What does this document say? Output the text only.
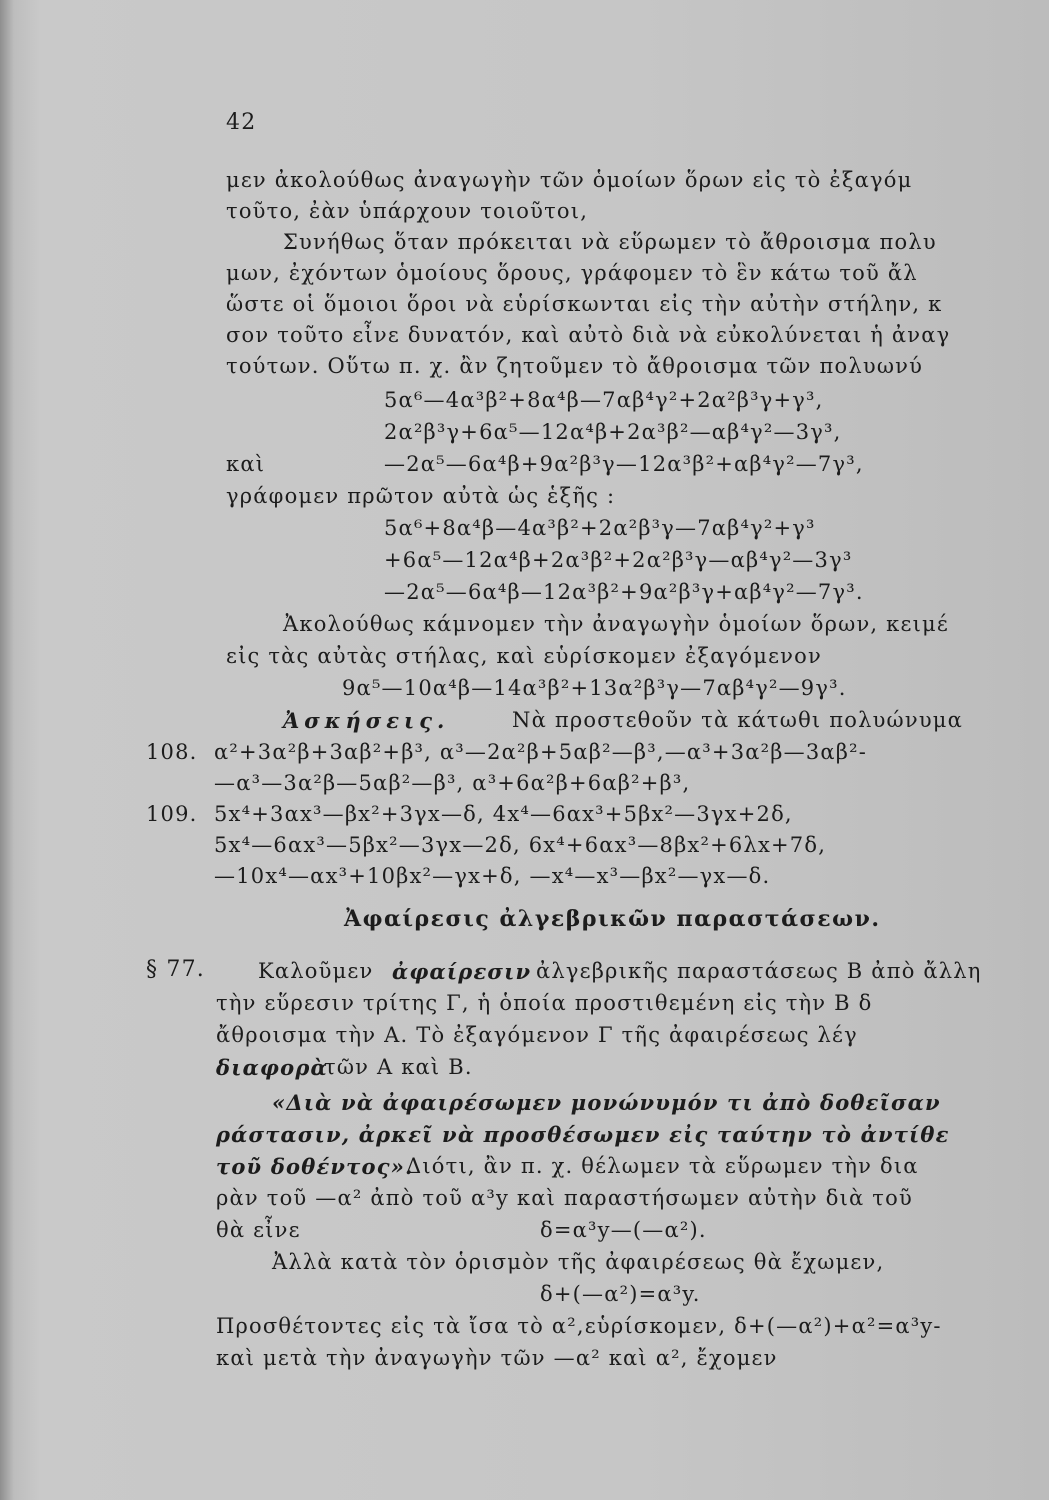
42
μεν ἀκολούθως ἀναγωγὴν τῶν ὁμοίων ὅρων εἰς τὸ ἐξαγόμ
τοῦτο, ἐὰν ὑπάρχουν τοιοῦτοι,
Συνήθως ὅταν πρόκειται νὰ εὕρωμεν τὸ ἄθροισμα πολυ
μων, ἐχόντων ὁμοίους ὅρους, γράφομεν τὸ ἓν κάτω τοῦ ἄλ
ὥστε οἱ ὅμοιοι ὅροι νὰ εὑρίσκωνται εἰς τὴν αὐτὴν στήλην, κ
σον τοῦτο εἶνε δυνατόν, καὶ αὐτὸ διὰ νὰ εὐκολύνεται ἡ ἀναγ
τούτων. Οὕτω π. χ. ἂν ζητοῦμεν τὸ ἄθροισμα τῶν πολυωνύ
5α⁶—4α³β²+8α⁴β—7αβ⁴γ²+2α²β³γ+γ³,
2α²β³γ+6α⁵—12α⁴β+2α³β²—αβ⁴γ²—3γ³,
καὶ	—2α⁵—6α⁴β+9α²β³γ—12α³β²+αβ⁴γ²—7γ³,
γράφομεν πρῶτον αὐτὰ ὡς ἑξῆς :
5α⁶+8α⁴β—4α³β²+2α²β³γ—7αβ⁴γ²+γ³
+6α⁵—12α⁴β+2α³β²+2α²β³γ—αβ⁴γ²—3γ³
—2α⁵—6α⁴β—12α³β²+9α²β³γ+αβ⁴γ²—7γ³.
Ἀκολούθως κάμνομεν τὴν ἀναγωγὴν ὁμοίων ὅρων, κειμέ
εἰς τὰς αὐτὰς στήλας, καὶ εὑρίσκομεν ἐξαγόμενον
9α⁵—10α⁴β—14α³β²+13α²β³γ—7αβ⁴γ²—9γ³.
Ἀσκήσεις.	Νὰ προστεθοῦν τὰ κάτωθι πολυώνυμα
108. α²+3α²β+3αβ²+β³, α³—2α²β+5αβ²—β³,—α³+3α²β—3αβ²-
—α³—3α²β—5αβ²—β³, α³+6α²β+6αβ²+β³,
109. 5x⁴+3αx³—βx²+3γx—δ, 4x⁴—6αx³+5βx²—3γx+2δ,
5x⁴—6αx³—5βx²—3γx—2δ, 6x⁴+6αx³—8βx²+6λx+7δ,
—10x⁴—αx³+10βx²—γx+δ, —x⁴—x³—βx²—γx—δ.
Ἀφαίρεσις ἀλγεβρικῶν παραστάσεων.
§ 77.	Καλοῦμεν ἀφαίρεσιν ἀλγεβρικῆς παραστάσεως Β ἀπὸ ἄλλη
τὴν εὕρεσιν τρίτης Γ, ἡ ὁποία προστιθεμένη εἰς τὴν Β δ
ἄθροισμα τὴν Α. Τὸ ἐξαγόμενον Γ τῆς ἀφαιρέσεως λέγ
διαφορὰ
τῶν Α καὶ Β.
«Διὰ νὰ ἀφαιρέσωμεν μονώνυμόν τι ἀπὸ δοθεῖσαν
ράστασιν, ἀρκεῖ νὰ προσθέσωμεν εἰς ταύτην τὸ ἀντίθε
τοῦ δοθέντος».
Διότι, ἂν π. χ. θέλωμεν τὰ εὕρωμεν τὴν δια
ρὰν τοῦ —α² ἀπὸ τοῦ α³y καὶ παραστήσωμεν αὐτὴν διὰ τοῦ
θὰ εἶνε	δ=α³y—(—α²).
Ἀλλὰ κατὰ τὸν ὁρισμὸν τῆς ἀφαιρέσεως θὰ ἔχωμεν,
δ+(—α²)=α³y.
Προσθέτοντες εἰς τὰ ἴσα τὸ α²,εὑρίσκομεν, δ+(—α²)+α²=α³y-
καὶ μετὰ τὴν ἀναγωγὴν τῶν —α² καὶ α², ἔχομεν
